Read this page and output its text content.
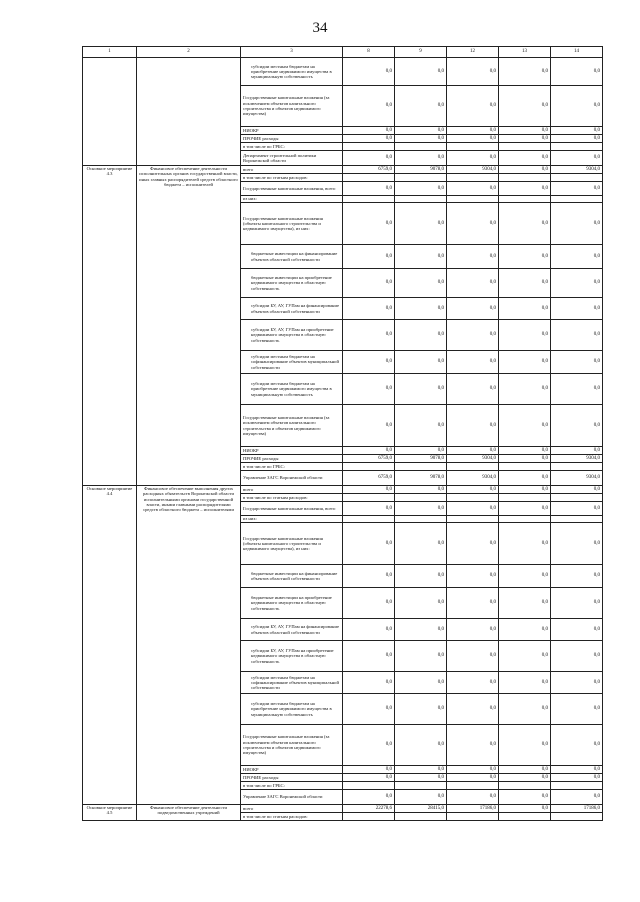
34
1	2	3	8	9	12	13	14
		субсидии местным бюджетам на приобретение недвижимого имущества в муниципальную собственность	0,0	0,0	0,0	0,0	0,0
		Государственные капитальные вложения (за исключением объектов капитального строительства и объектов недвижимого имущества)	0,0	0,0	0,0	0,0	0,0
		НИОКР	0,0	0,0	0,0	0,0	0,0
		ПРОЧИЕ расходы	0,0	0,0	0,0	0,0	0,0
		в том числе по ГРБС:					
		Департамент строительной политики Воронежской области	0,0	0,0	0,0	0,0	0,0
Основное мероприятие 4.3	Финансовое обеспечение деятельности исполнительных органов государственной власти, иных главных распорядителей средств областного бюджета – исполнителей	всего	6759,0	9078,0	9304,0	0,0	9304,0
		в том числе по статьям расходов:					
		Государственные капитальные вложения, всего	0,0	0,0	0,0	0,0	0,0
		из них:					
		Государственные капитальные вложения (объекты капитального строительства и недвижимого имущества), из них:	0,0	0,0	0,0	0,0	0,0
		бюджетные инвестиции на финансирование объектов областной собственности	0,0	0,0	0,0	0,0	0,0
		бюджетные инвестиции на приобретение недвижимого имущества в областную собственность	0,0	0,0	0,0	0,0	0,0
		субсидии БУ, АУ, ГУПам на финансирование объектов областной собственности	0,0	0,0	0,0	0,0	0,0
		субсидии БУ, АУ, ГУПам на приобретение недвижимого имущества в областную собственность	0,0	0,0	0,0	0,0	0,0
		субсидии местным бюджетам на софинансирование объектов муниципальной собственности	0,0	0,0	0,0	0,0	0,0
		субсидии местным бюджетам на приобретение недвижимого имущества в муниципальную собственность	0,0	0,0	0,0	0,0	0,0
		Государственные капитальные вложения (за исключением объектов капитального строительства и объектов недвижимого имущества)	0,0	0,0	0,0	0,0	0,0
		НИОКР	0,0	0,0	0,0	0,0	0,0
		ПРОЧИЕ расходы	6759,0	9078,0	9304,0	0,0	9304,0
		в том числе по ГРБС:					
		Управление ЗАГС Воронежской области	6759,0	9078,0	9304,0	0,0	9304,0
Основное мероприятие 4.4	Финансовое обеспечение выполнения других расходных обязательств Воронежской области исполнительными органами государственной власти, иными главными распорядителями средств областного бюджета – исполнителями	всего	0,0	0,0	0,0	0,0	0,0
		в том числе по статьям расходов:					
		Государственные капитальные вложения, всего	0,0	0,0	0,0	0,0	0,0
		из них:					
		Государственные капитальные вложения (объекты капитального строительства и недвижимого имущества), из них:	0,0	0,0	0,0	0,0	0,0
		бюджетные инвестиции на финансирование объектов областной собственности	0,0	0,0	0,0	0,0	0,0
		бюджетные инвестиции на приобретение недвижимого имущества в областную собственность	0,0	0,0	0,0	0,0	0,0
		субсидии БУ, АУ, ГУПам на финансирование объектов областной собственности	0,0	0,0	0,0	0,0	0,0
		субсидии БУ, АУ, ГУПам на приобретение недвижимого имущества в областную собственность	0,0	0,0	0,0	0,0	0,0
		субсидии местным бюджетам на софинансирование объектов муниципальной собственности	0,0	0,0	0,0	0,0	0,0
		субсидии местным бюджетам на приобретение недвижимого имущества в муниципальную собственность	0,0	0,0	0,0	0,0	0,0
		Государственные капитальные вложения (за исключением объектов капитального строительства и объектов недвижимого имущества)	0,0	0,0	0,0	0,0	0,0
		НИОКР	0,0	0,0	0,0	0,0	0,0
		ПРОЧИЕ расходы	0,0	0,0	0,0	0,0	0,0
		в том числе по ГРБС:					
		Управление ЗАГС Воронежской области	0,0	0,0	0,0	0,0	0,0
Основное мероприятие 4.5	Финансовое обеспечение деятельности подведомственных учреждений	всего	22278,6	28415,0	17186,0	0,0	17186,0
		в том числе по статьям расходов:					
